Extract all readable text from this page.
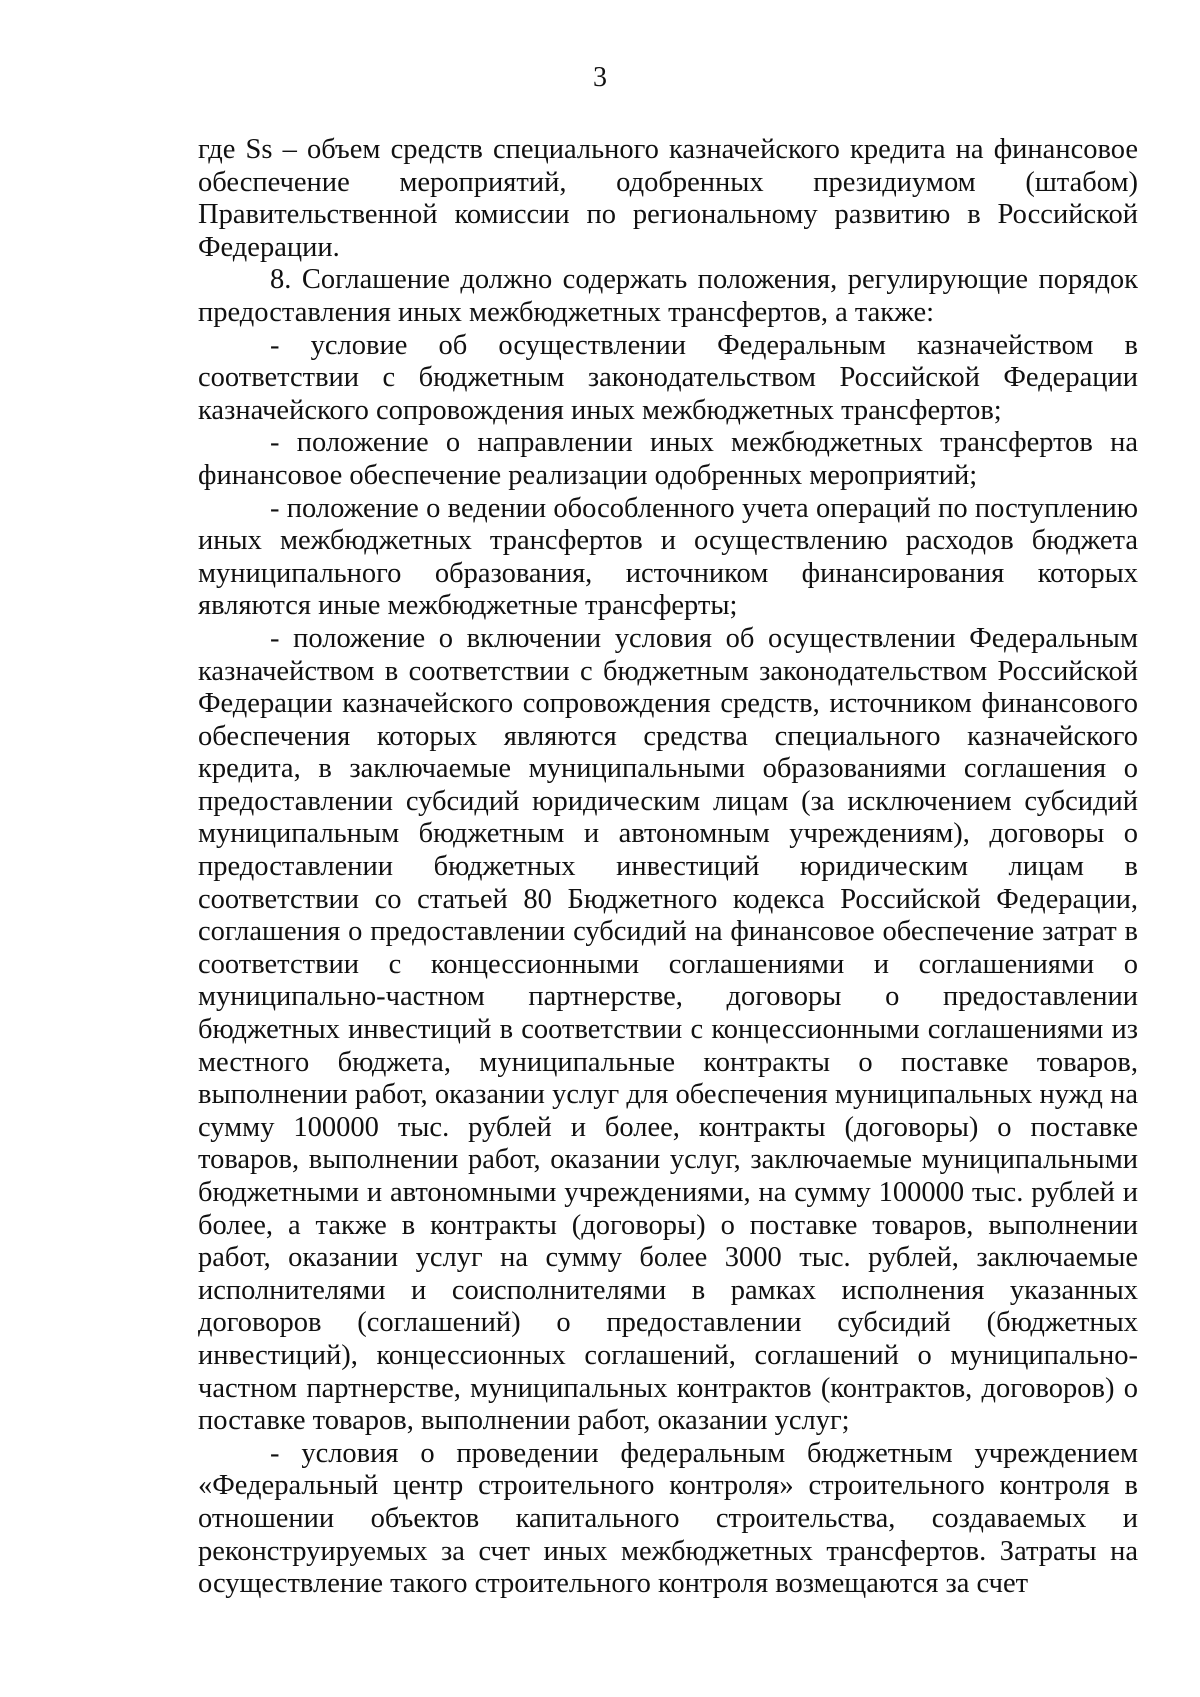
3

где Ss – объем средств специального казначейского кредита на финансовое обеспечение мероприятий, одобренных президиумом (штабом) Правительственной комиссии по региональному развитию в Российской Федерации.

8. Соглашение должно содержать положения, регулирующие порядок предоставления иных межбюджетных трансфертов, а также:

- условие об осуществлении Федеральным казначейством в соответствии с бюджетным законодательством Российской Федерации казначейского сопровождения иных межбюджетных трансфертов;

- положение о направлении иных межбюджетных трансфертов на финансовое обеспечение реализации одобренных мероприятий;

- положение о ведении обособленного учета операций по поступлению иных межбюджетных трансфертов и осуществлению расходов бюджета муниципального образования, источником финансирования которых являются иные межбюджетные трансферты;

- положение о включении условия об осуществлении Федеральным казначейством в соответствии с бюджетным законодательством Российской Федерации казначейского сопровождения средств, источником финансового обеспечения которых являются средства специального казначейского кредита, в заключаемые муниципальными образованиями соглашения о предоставлении субсидий юридическим лицам (за исключением субсидий муниципальным бюджетным и автономным учреждениям), договоры о предоставлении бюджетных инвестиций юридическим лицам в соответствии со статьей 80 Бюджетного кодекса Российской Федерации, соглашения о предоставлении субсидий на финансовое обеспечение затрат в соответствии с концессионными соглашениями и соглашениями о муниципально-частном партнерстве, договоры о предоставлении бюджетных инвестиций в соответствии с концессионными соглашениями из местного бюджета, муниципальные контракты о поставке товаров, выполнении работ, оказании услуг для обеспечения муниципальных нужд на сумму 100000 тыс. рублей и более, контракты (договоры) о поставке товаров, выполнении работ, оказании услуг, заключаемые муниципальными бюджетными и автономными учреждениями, на сумму 100000 тыс. рублей и более, а также в контракты (договоры) о поставке товаров, выполнении работ, оказании услуг на сумму более 3000 тыс. рублей, заключаемые исполнителями и соисполнителями в рамках исполнения указанных договоров (соглашений) о предоставлении субсидий (бюджетных инвестиций), концессионных соглашений, соглашений о муниципально-частном партнерстве, муниципальных контрактов (контрактов, договоров) о поставке товаров, выполнении работ, оказании услуг;

- условия о проведении федеральным бюджетным учреждением «Федеральный центр строительного контроля» строительного контроля в отношении объектов капитального строительства, создаваемых и реконструируемых за счет иных межбюджетных трансфертов. Затраты на осуществление такого строительного контроля возмещаются за счет
